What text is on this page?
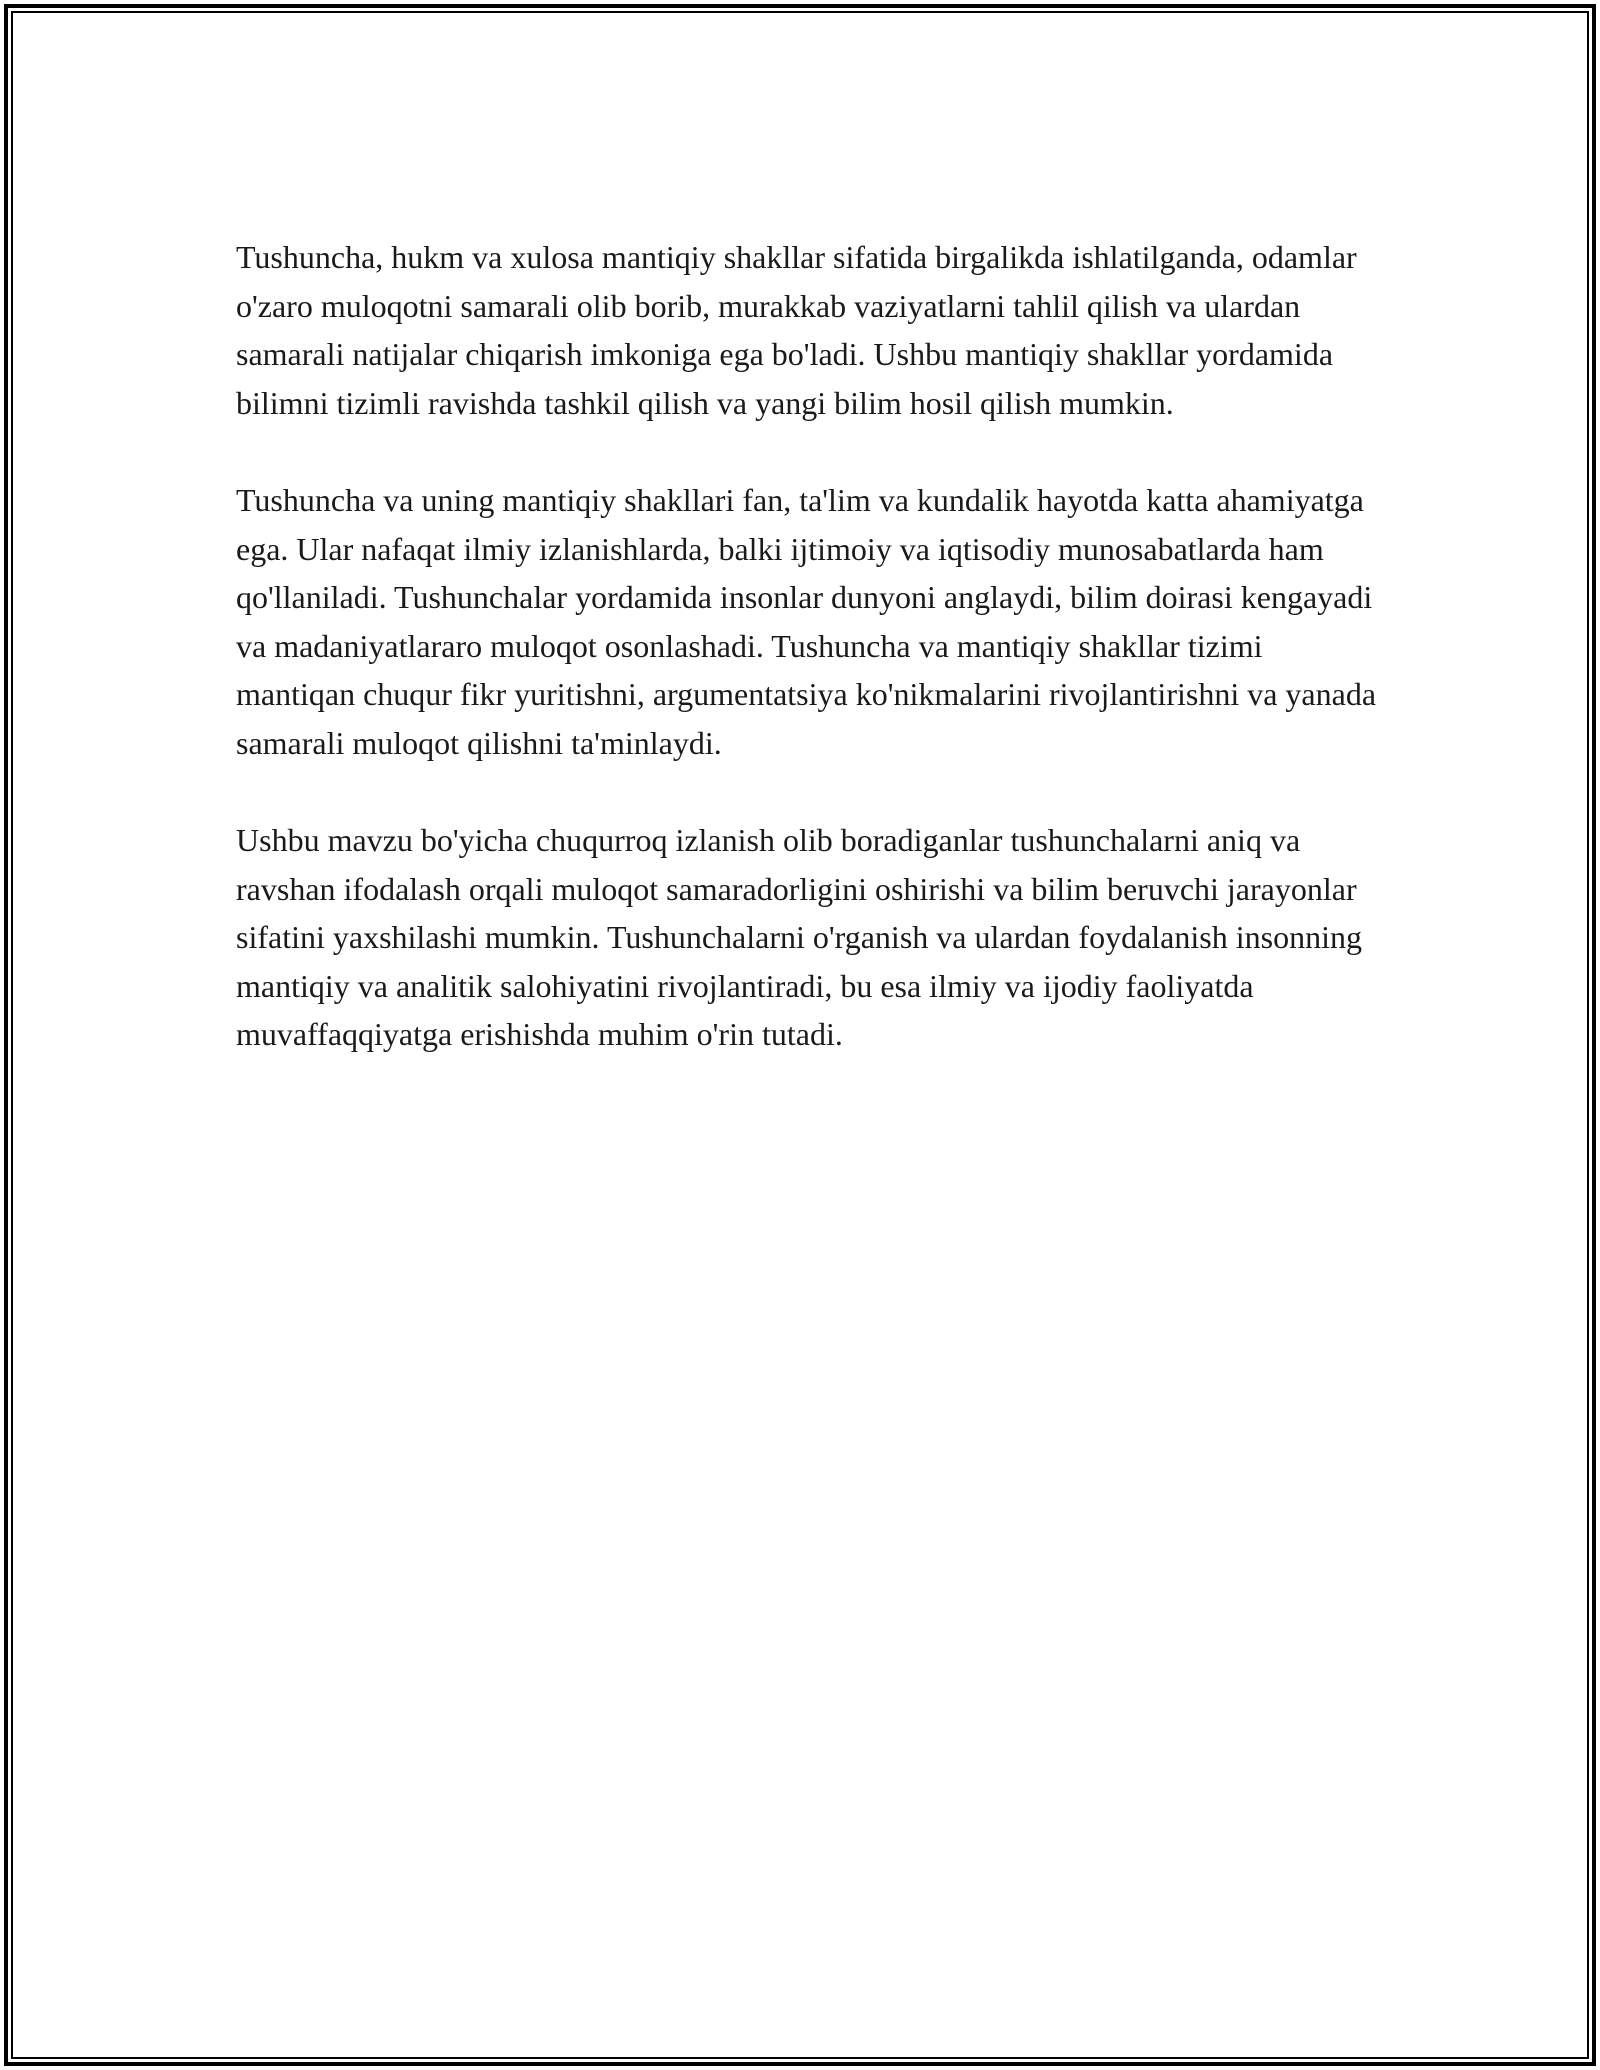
Tushuncha, hukm va xulosa mantiqiy shakllar sifatida birgalikda ishlatilganda, odamlar o'zaro muloqotni samarali olib borib, murakkab vaziyatlarni tahlil qilish va ulardan samarali natijalar chiqarish imkoniga ega bo'ladi. Ushbu mantiqiy shakllar yordamida bilimni tizimli ravishda tashkil qilish va yangi bilim hosil qilish mumkin.

Tushuncha va uning mantiqiy shakllari fan, ta'lim va kundalik hayotda katta ahamiyatga ega. Ular nafaqat ilmiy izlanishlarda, balki ijtimoiy va iqtisodiy munosabatlarda ham qo'llaniladi. Tushunchalar yordamida insonlar dunyoni anglaydi, bilim doirasi kengayadi va madaniyatlararo muloqot osonlashadi. Tushuncha va mantiqiy shakllar tizimi mantiqan chuqur fikr yuritishni, argumentatsiya ko'nikmalarini rivojlantirishni va yanada samarali muloqot qilishni ta'minlaydi.

Ushbu mavzu bo'yicha chuqurroq izlanish olib boradiganlar tushunchalarni aniq va ravshan ifodalash orqali muloqot samaradorligini oshirishi va bilim beruvchi jarayonlar sifatini yaxshilashi mumkin. Tushunchalarni o'rganish va ulardan foydalanish insonning mantiqiy va analitik salohiyatini rivojlantiradi, bu esa ilmiy va ijodiy faoliyatda muvaffaqqiyatga erishishda muhim o'rin tutadi.
